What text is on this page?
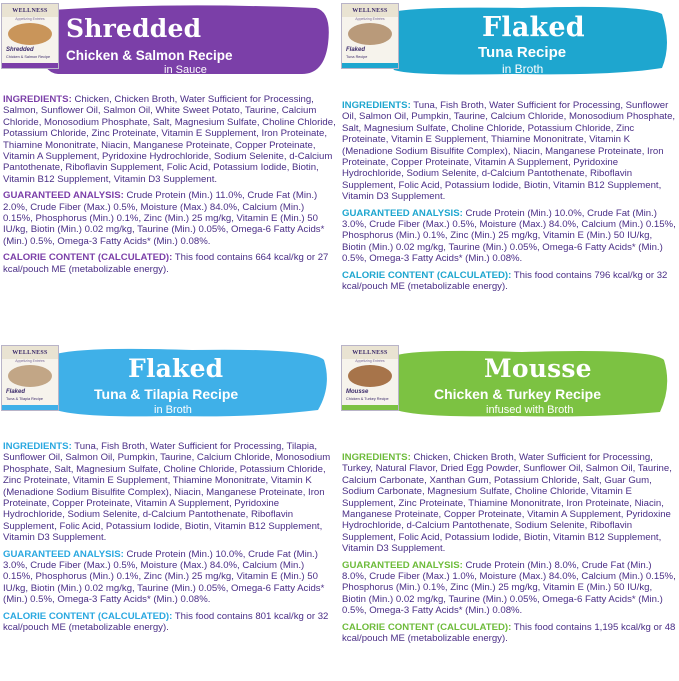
Shredded
Chicken & Salmon Recipe
in Sauce
WELLNESS
Appetizing Entrées
Shredded
Chicken & Salmon Recipe

INGREDIENTS: Chicken, Chicken Broth, Water Sufficient for Processing, Salmon, Sunflower Oil, Salmon Oil, White Sweet Potato, Taurine, Calcium Chloride, Monosodium Phosphate, Salt, Magnesium Sulfate, Choline Chloride, Potassium Chloride, Zinc Proteinate, Vitamin E Supplement, Iron Proteinate, Thiamine Mononitrate, Niacin, Manganese Proteinate, Copper Proteinate, Vitamin A Supplement, Pyridoxine Hydrochloride, Sodium Selenite, d-Calcium Pantothenate, Riboflavin Supplement, Folic Acid, Potassium Iodide, Biotin, Vitamin B12 Supplement, Vitamin D3 Supplement.

GUARANTEED ANALYSIS: Crude Protein (Min.) 11.0%, Crude Fat (Min.) 2.0%, Crude Fiber (Max.) 0.5%, Moisture (Max.) 84.0%, Calcium (Min.) 0.15%, Phosphorus (Min.) 0.1%, Zinc (Min.) 25 mg/kg, Vitamin E (Min.) 50 IU/kg, Biotin (Min.) 0.02 mg/kg, Taurine (Min.) 0.05%, Omega-6 Fatty Acids* (Min.) 0.5%, Omega-3 Fatty Acids* (Min.) 0.08%.

CALORIE CONTENT (CALCULATED): This food contains 664 kcal/kg or 27 kcal/pouch ME (metabolizable energy).

Flaked
Tuna Recipe
in Broth
WELLNESS
Appetizing Entrées
Flaked
Tuna Recipe

INGREDIENTS: Tuna, Fish Broth, Water Sufficient for Processing, Sunflower Oil, Salmon Oil, Pumpkin, Taurine, Calcium Chloride, Monosodium Phosphate, Salt, Magnesium Sulfate, Choline Chloride, Potassium Chloride, Zinc Proteinate, Vitamin E Supplement, Thiamine Mononitrate, Vitamin K (Menadione Sodium Bisulfite Complex), Niacin, Manganese Proteinate, Iron Proteinate, Copper Proteinate, Vitamin A Supplement, Pyridoxine Hydrochloride, Sodium Selenite, d-Calcium Pantothenate, Riboflavin Supplement, Folic Acid, Potassium Iodide, Biotin, Vitamin B12 Supplement, Vitamin D3 Supplement.

GUARANTEED ANALYSIS: Crude Protein (Min.) 10.0%, Crude Fat (Min.) 3.0%, Crude Fiber (Max.) 0.5%, Moisture (Max.) 84.0%, Calcium (Min.) 0.15%, Phosphorus (Min.) 0.1%, Zinc (Min.) 25 mg/kg, Vitamin E (Min.) 50 IU/kg, Biotin (Min.) 0.02 mg/kg, Taurine (Min.) 0.05%, Omega-6 Fatty Acids* (Min.) 0.5%, Omega-3 Fatty Acids* (Min.) 0.08%.

CALORIE CONTENT (CALCULATED): This food contains 796 kcal/kg or 32 kcal/pouch ME (metabolizable energy).

Flaked
Tuna & Tilapia Recipe
in Broth
WELLNESS
Appetizing Entrées
Flaked
Tuna & Tilapia Recipe

INGREDIENTS: Tuna, Fish Broth, Water Sufficient for Processing, Tilapia, Sunflower Oil, Salmon Oil, Pumpkin, Taurine, Calcium Chloride, Monosodium Phosphate, Salt, Magnesium Sulfate, Choline Chloride, Potassium Chloride, Zinc Proteinate, Vitamin E Supplement, Thiamine Mononitrate, Vitamin K (Menadione Sodium Bisulfite Complex), Niacin, Manganese Proteinate, Iron Proteinate, Copper Proteinate, Vitamin A Supplement, Pyridoxine Hydrochloride, Sodium Selenite, d-Calcium Pantothenate, Riboflavin Supplement, Folic Acid, Potassium Iodide, Biotin, Vitamin B12 Supplement, Vitamin D3 Supplement.

GUARANTEED ANALYSIS: Crude Protein (Min.) 10.0%, Crude Fat (Min.) 3.0%, Crude Fiber (Max.) 0.5%, Moisture (Max.) 84.0%, Calcium (Min.) 0.15%, Phosphorus (Min.) 0.1%, Zinc (Min.) 25 mg/kg, Vitamin E (Min.) 50 IU/kg, Biotin (Min.) 0.02 mg/kg, Taurine (Min.) 0.05%, Omega-6 Fatty Acids* (Min.) 0.5%, Omega-3 Fatty Acids* (Min.) 0.08%.

CALORIE CONTENT (CALCULATED): This food contains 801 kcal/kg or 32 kcal/pouch ME (metabolizable energy).

Mousse
Chicken & Turkey Recipe
infused with Broth
WELLNESS
Appetizing Entrées
Mousse
Chicken & Turkey Recipe

INGREDIENTS: Chicken, Chicken Broth, Water Sufficient for Processing, Turkey, Natural Flavor, Dried Egg Powder, Sunflower Oil, Salmon Oil, Taurine, Calcium Carbonate, Xanthan Gum, Potassium Chloride, Salt, Guar Gum, Sodium Carbonate, Magnesium Sulfate, Choline Chloride, Vitamin E Supplement, Zinc Proteinate, Thiamine Mononitrate, Iron Proteinate, Niacin, Manganese Proteinate, Copper Proteinate, Vitamin A Supplement, Pyridoxine Hydrochloride, d-Calcium Pantothenate, Sodium Selenite, Riboflavin Supplement, Folic Acid, Potassium Iodide, Biotin, Vitamin B12 Supplement, Vitamin D3 Supplement.

GUARANTEED ANALYSIS: Crude Protein (Min.) 8.0%, Crude Fat (Min.) 8.0%, Crude Fiber (Max.) 1.0%, Moisture (Max.) 84.0%, Calcium (Min.) 0.15%, Phosphorus (Min.) 0.1%, Zinc (Min.) 25 mg/kg, Vitamin E (Min.) 50 IU/kg, Biotin (Min.) 0.02 mg/kg, Taurine (Min.) 0.05%, Omega-6 Fatty Acids* (Min.) 0.5%, Omega-3 Fatty Acids* (Min.) 0.08%.

CALORIE CONTENT (CALCULATED): This food contains 1,195 kcal/kg or 48 kcal/pouch ME (metabolizable energy).
